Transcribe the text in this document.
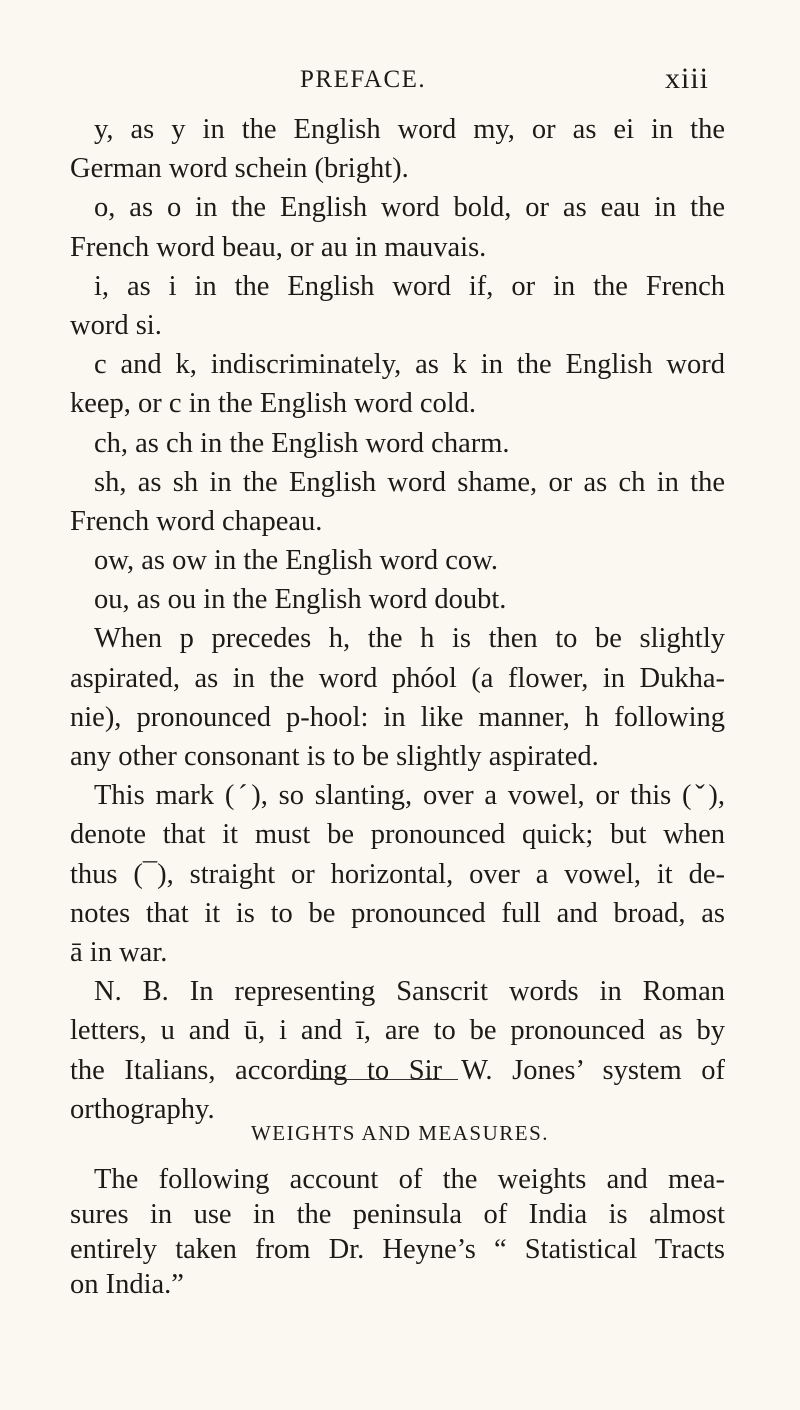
PREFACE.	xiii
y, as y in the English word my, or as ei in the
German word schein (bright).
o, as o in the English word bold, or as eau in the
French word beau, or au in mauvais.
i, as i in the English word if, or in the French
word si.
c and k, indiscriminately, as k in the English word
keep, or c in the English word cold.
ch, as ch in the English word charm.
sh, as sh in the English word shame, or as ch in the
French word chapeau.
ow, as ow in the English word cow.
ou, as ou in the English word doubt.
When p precedes h, the h is then to be slightly
aspirated, as in the word phóol (a flower, in Dukha-
nie), pronounced p-hool: in like manner, h following
any other consonant is to be slightly aspirated.
This mark (ˊ), so slanting, over a vowel, or this (ˇ),
denote that it must be pronounced quick; but when
thus (¯), straight or horizontal, over a vowel, it de-
notes that it is to be pronounced full and broad, as
ā in war.
N. B. In representing Sanscrit words in Roman
letters, u and ū, i and ī, are to be pronounced as by
the Italians, according to Sir W. Jones’ system of
orthography.
WEIGHTS AND MEASURES.
The following account of the weights and mea-
sures in use in the peninsula of India is almost
entirely taken from Dr. Heyne’s “ Statistical Tracts
on India.”
